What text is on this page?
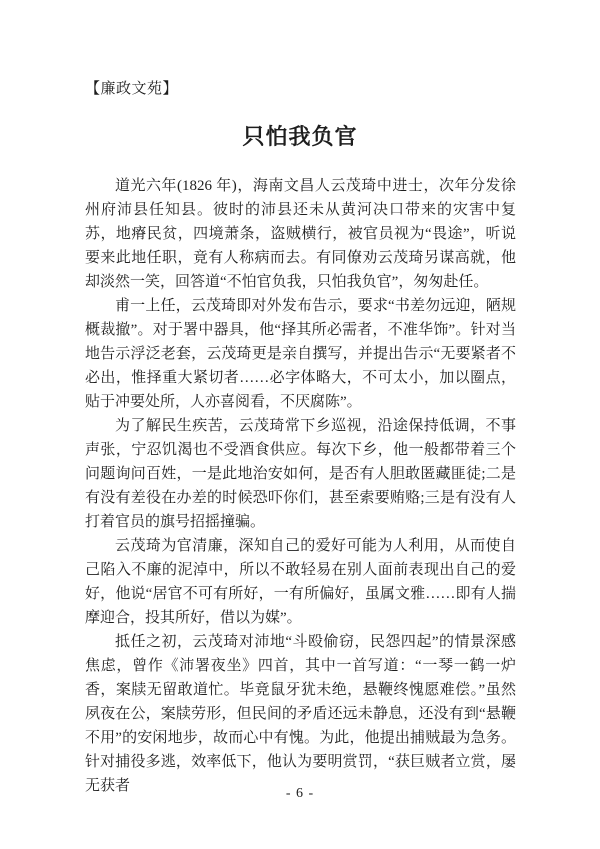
【廉政文苑】
只怕我负官

道光六年(1826 年)，海南文昌人云茂琦中进士，次年分发徐州府沛县任知县。彼时的沛县还未从黄河决口带来的灾害中复苏，地瘠民贫，四境萧条，盗贼横行，被官员视为“畏途”，听说要来此地任职，竟有人称病而去。有同僚劝云茂琦另谋高就，他却淡然一笑，回答道“不怕官负我，只怕我负官”，匆匆赴任。

甫一上任，云茂琦即对外发布告示，要求“书差勿远迎，陋规概裁撤”。对于署中器具，他“择其所必需者，不准华饰”。针对当地告示浮泛老套，云茂琦更是亲自撰写，并提出告示“无要紧者不必出，惟择重大紧切者……必字体略大，不可太小，加以圈点，贴于冲要处所，人亦喜阅看，不厌腐陈”。

为了解民生疾苦，云茂琦常下乡巡视，沿途保持低调，不事声张，宁忍饥渴也不受酒食供应。每次下乡，他一般都带着三个问题询问百姓，一是此地治安如何，是否有人胆敢匿藏匪徒;二是有没有差役在办差的时候恐吓你们，甚至索要贿赂;三是有没有人打着官员的旗号招摇撞骗。

云茂琦为官清廉，深知自己的爱好可能为人利用，从而使自己陷入不廉的泥淖中，所以不敢轻易在别人面前表现出自己的爱好，他说“居官不可有所好，一有所偏好，虽属文雅……即有人揣摩迎合，投其所好，借以为媒”。

抵任之初，云茂琦对沛地“斗殴偷窃，民怨四起”的情景深感焦虑，曾作《沛署夜坐》四首，其中一首写道：“一琴一鹤一炉香，案牍无留敢道忙。毕竟鼠牙犹未绝，悬鞭终愧愿难偿。”虽然夙夜在公，案牍劳形，但民间的矛盾还远未静息，还没有到“悬鞭不用”的安闲地步，故而心中有愧。为此，他提出捕贼最为急务。针对捕役多逃，效率低下，他认为要明赏罚，“获巨贼者立赏，屡无获者	- 6 -
